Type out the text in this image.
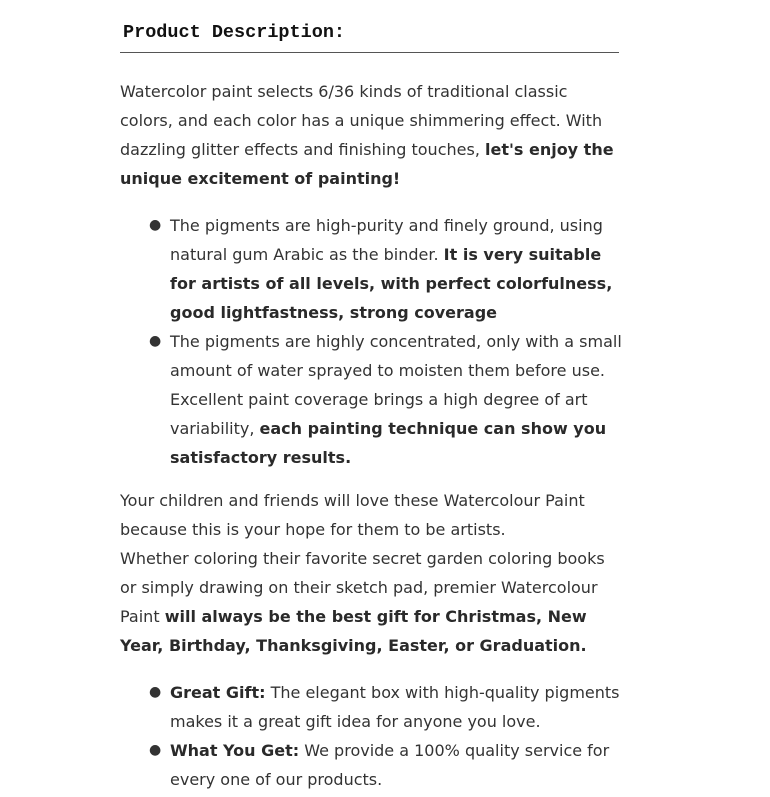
Product Description:

Watercolor paint selects 6/36 kinds of traditional classic colors, and each color has a unique shimmering effect. With dazzling glitter effects and finishing touches, let's enjoy the unique excitement of painting!

● The pigments are high-purity and finely ground, using natural gum Arabic as the binder. It is very suitable for artists of all levels, with perfect colorfulness, good lightfastness, strong coverage
● The pigments are highly concentrated, only with a small amount of water sprayed to moisten them before use. Excellent paint coverage brings a high degree of art variability, each painting technique can show you satisfactory results.

Your children and friends will love these Watercolour Paint because this is your hope for them to be artists.
Whether coloring their favorite secret garden coloring books or simply drawing on their sketch pad, premier Watercolour Paint will always be the best gift for Christmas, New Year, Birthday, Thanksgiving, Easter, or Graduation.

● Great Gift: The elegant box with high-quality pigments makes it a great gift idea for anyone you love.
● What You Get: We provide a 100% quality service for every one of our products.
